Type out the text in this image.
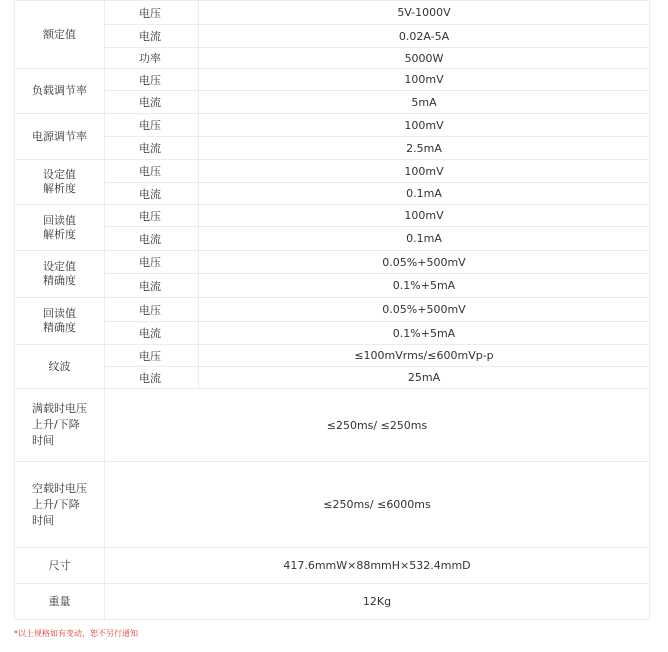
额定值	电压	5V-1000V
	电流	0.02A-5A
	功率	5000W
负载调节率	电压	100mV
	电流	5mA
电源调节率	电压	100mV
	电流	2.5mA
设定值
解析度	电压	100mV
	电流	0.1mA
回读值
解析度	电压	100mV
	电流	0.1mA
设定值
精确度	电压	0.05%+500mV
	电流	0.1%+5mA
回读值
精确度	电压	0.05%+500mV
	电流	0.1%+5mA
纹波	电压	≤100mVrms/≤600mVp-p
	电流	25mA
满载时电压
上升/下降
时间	≤250ms/ ≤250ms	
空载时电压
上升/下降
时间	≤250ms/ ≤6000ms	
尺寸	417.6mmW×88mmH×532.4mmD	
重量	12Kg	
*以上规格如有变动，恕不另行通知
